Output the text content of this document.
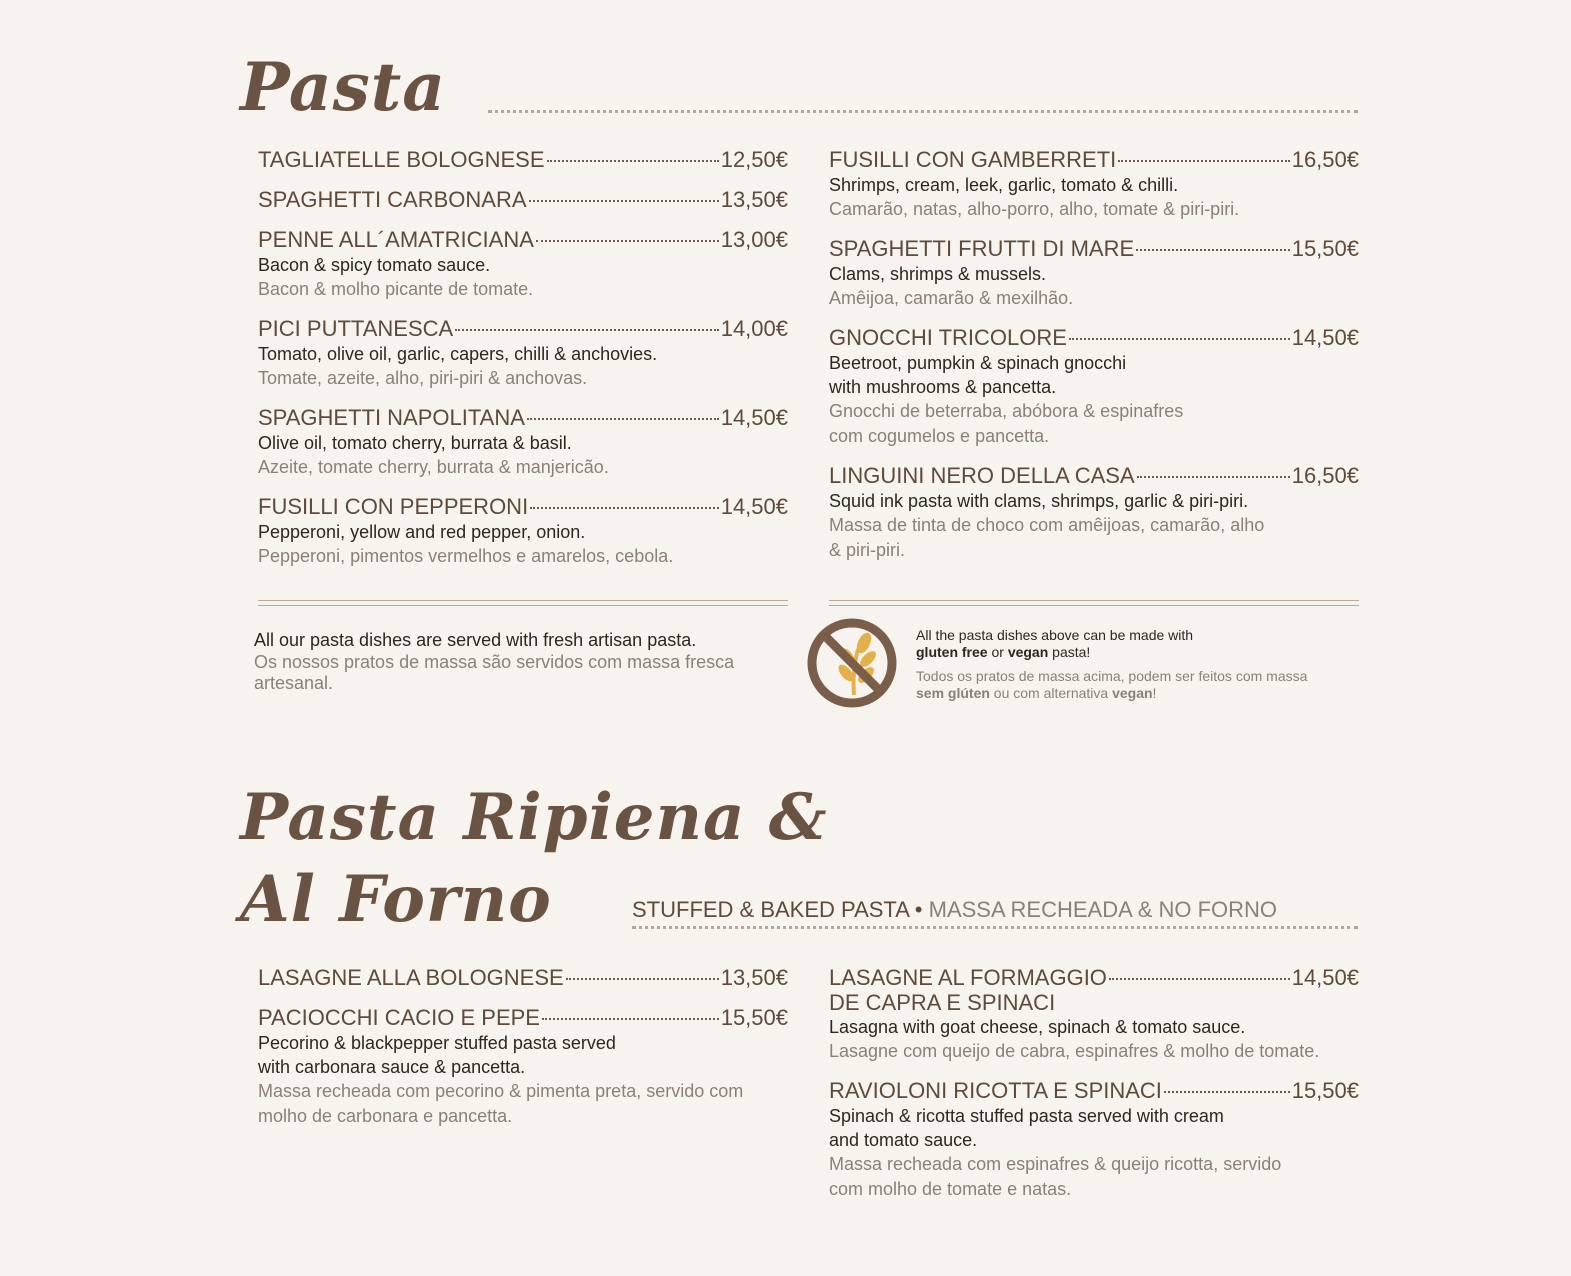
Pasta
TAGLIATELLE BOLOGNESE	12,50€
SPAGHETTI CARBONARA	13,50€
PENNE ALL´AMATRICIANA	13,00€
Bacon & spicy tomato sauce.
Bacon & molho picante de tomate.
PICI PUTTANESCA	14,00€
Tomato, olive oil, garlic, capers, chilli & anchovies.
Tomate, azeite, alho, piri-piri & anchovas.
SPAGHETTI NAPOLITANA	14,50€
Olive oil, tomato cherry, burrata & basil.
Azeite, tomate cherry, burrata & manjericão.
FUSILLI CON PEPPERONI	14,50€
Pepperoni, yellow and red pepper, onion.
Pepperoni, pimentos vermelhos e amarelos, cebola.
FUSILLI CON GAMBERRETI	16,50€
Shrimps, cream, leek, garlic, tomato & chilli.
Camarão, natas, alho-porro, alho, tomate & piri-piri.
SPAGHETTI FRUTTI DI MARE	15,50€
Clams, shrimps & mussels.
Amêijoa, camarão & mexilhão.
GNOCCHI TRICOLORE	14,50€
Beetroot, pumpkin & spinach gnocchi
with mushrooms & pancetta.
Gnocchi de beterraba, abóbora & espinafres
com cogumelos e pancetta.
LINGUINI NERO DELLA CASA	16,50€
Squid ink pasta with clams, shrimps, garlic & piri-piri.
Massa de tinta de choco com amêijoas, camarão, alho
& piri-piri.
All our pasta dishes are served with fresh artisan pasta.
Os nossos pratos de massa são servidos com massa fresca
artesanal.
All the pasta dishes above can be made with
gluten free or vegan pasta!
Todos os pratos de massa acima, podem ser feitos com massa
sem glúten ou com alternativa vegan!
Pasta Ripiena &
Al Forno	STUFFED & BAKED PASTA • MASSA RECHEADA & NO FORNO
LASAGNE ALLA BOLOGNESE	13,50€
PACIOCCHI CACIO E PEPE	15,50€
Pecorino & blackpepper stuffed pasta served
with carbonara sauce & pancetta.
Massa recheada com pecorino & pimenta preta, servido com
molho de carbonara e pancetta.
LASAGNE AL FORMAGGIO	14,50€
DE CAPRA E SPINACI
Lasagna with goat cheese, spinach & tomato sauce.
Lasagne com queijo de cabra, espinafres & molho de tomate.
RAVIOLONI RICOTTA E SPINACI	15,50€
Spinach & ricotta stuffed pasta served with cream
and tomato sauce.
Massa recheada com espinafres & queijo ricotta, servido
com molho de tomate e natas.
